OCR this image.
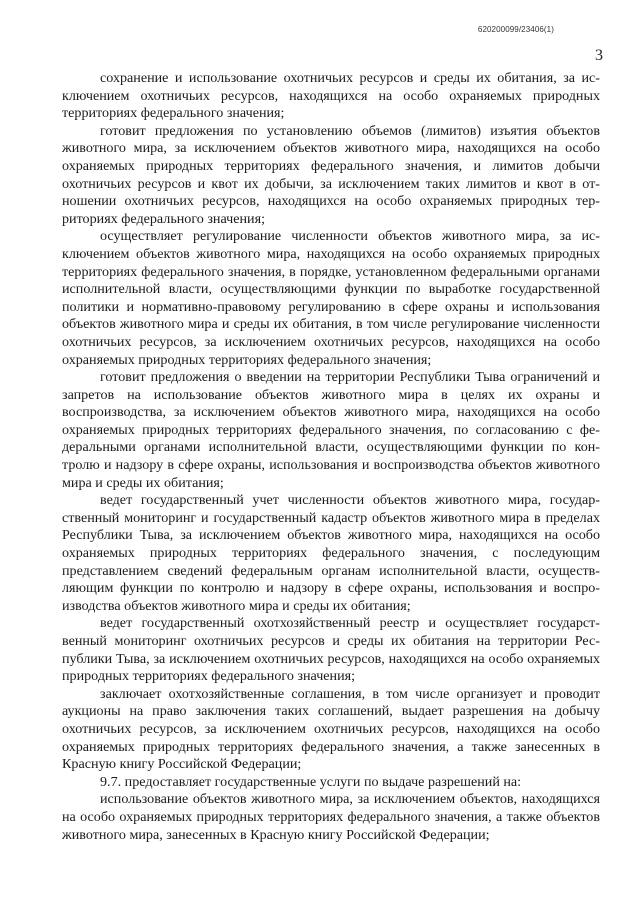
620200099/23406(1)
3

сохранение и использование охотничьих ресурсов и среды их обитания, за исключением охотничьих ресурсов, находящихся на особо охраняемых природных территориях федерального значения;

готовит предложения по установлению объемов (лимитов) изъятия объектов животного мира, за исключением объектов животного мира, находящихся на особо охраняемых природных территориях федерального значения, и лимитов добычи охотничьих ресурсов и квот их добычи, за исключением таких лимитов и квот в отношении охотничьих ресурсов, находящихся на особо охраняемых природных территориях федерального значения;

осуществляет регулирование численности объектов животного мира, за исключением объектов животного мира, находящихся на особо охраняемых природных территориях федерального значения, в порядке, установленном федеральными органами исполнительной власти, осуществляющими функции по выработке государственной политики и нормативно-правовому регулированию в сфере охраны и использования объектов животного мира и среды их обитания, в том числе регулирование численности охотничьих ресурсов, за исключением охотничьих ресурсов, находящихся на особо охраняемых природных территориях федерального значения;

готовит предложения о введении на территории Республики Тыва ограничений и запретов на использование объектов животного мира в целях их охраны и воспроизводства, за исключением объектов животного мира, находящихся на особо охраняемых природных территориях федерального значения, по согласованию с федеральными органами исполнительной власти, осуществляющими функции по контролю и надзору в сфере охраны, использования и воспроизводства объектов животного мира и среды их обитания;

ведет государственный учет численности объектов животного мира, государственный мониторинг и государственный кадастр объектов животного мира в пределах Республики Тыва, за исключением объектов животного мира, находящихся на особо охраняемых природных территориях федерального значения, с последующим представлением сведений федеральным органам исполнительной власти, осуществляющим функции по контролю и надзору в сфере охраны, использования и воспроизводства объектов животного мира и среды их обитания;

ведет государственный охотхозяйственный реестр и осуществляет государственный мониторинг охотничьих ресурсов и среды их обитания на территории Республики Тыва, за исключением охотничьих ресурсов, находящихся на особо охраняемых природных территориях федерального значения;

заключает охотхозяйственные соглашения, в том числе организует и проводит аукционы на право заключения таких соглашений, выдает разрешения на добычу охотничьих ресурсов, за исключением охотничьих ресурсов, находящихся на особо охраняемых природных территориях федерального значения, а также занесенных в Красную книгу Российской Федерации;

9.7. предоставляет государственные услуги по выдаче разрешений на:

использование объектов животного мира, за исключением объектов, находящихся на особо охраняемых природных территориях федерального значения, а также объектов животного мира, занесенных в Красную книгу Российской Федерации;
